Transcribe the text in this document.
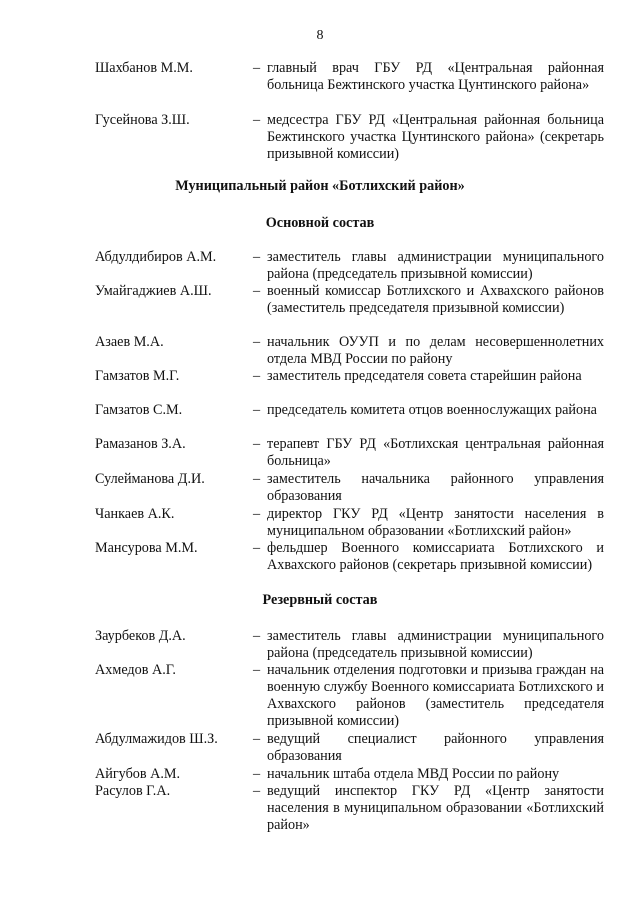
8
Шахбанов М.М.	– главный врач ГБУ РД «Центральная районная больница Бежтинского участка Цунтинского района»
Гусейнова З.Ш.	– медсестра ГБУ РД «Центральная районная больница Бежтинского участка Цунтинского района» (секретарь призывной комиссии)
Муниципальный район «Ботлихский район»
Основной состав
Абдулдибиров А.М.	– заместитель главы администрации муниципального района (председатель призывной комиссии)
Умайгаджиев А.Ш.	– военный комиссар Ботлихского и Ахвахского районов (заместитель председателя призывной комиссии)
Азаев М.А.	– начальник ОУУП и по делам несовершеннолетних отдела МВД России по району
Гамзатов М.Г.	– заместитель председателя совета старейшин района
Гамзатов С.М.	– председатель комитета отцов военнослужащих района
Рамазанов З.А.	– терапевт ГБУ РД «Ботлихская центральная районная больница»
Сулейманова Д.И.	– заместитель начальника районного управления образования
Чанкаев А.К.	– директор ГКУ РД «Центр занятости населения в муниципальном образовании «Ботлихский район»
Мансурова М.М.	– фельдшер Военного комиссариата Ботлихского и Ахвахского районов (секретарь призывной комиссии)
Резервный состав
Заурбеков Д.А.	– заместитель главы администрации муниципального района (председатель призывной комиссии)
Ахмедов А.Г.	– начальник отделения подготовки и призыва граждан на военную службу Военного комиссариата Ботлихского и Ахвахского районов (заместитель председателя призывной комиссии)
Абдулмажидов Ш.З. – ведущий специалист районного управления образования
Айгубов А.М.	– начальник штаба отдела МВД России по району
Расулов Г.А.	– ведущий инспектор ГКУ РД «Центр занятости населения в муниципальном образовании «Ботлихский район»
